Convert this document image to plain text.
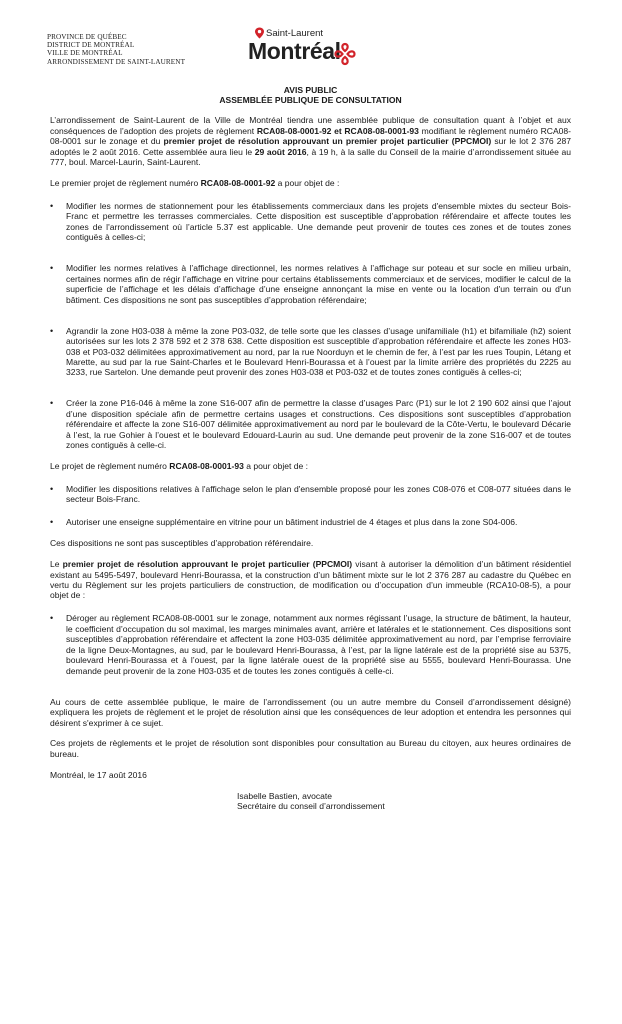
PROVINCE DE QUÉBEC
DISTRICT DE MONTRÉAL
VILLE DE MONTRÉAL
ARRONDISSEMENT DE SAINT-LAURENT
Saint-Laurent
Montréal
AVIS PUBLIC
ASSEMBLÉE PUBLIQUE DE CONSULTATION

L’arrondissement de Saint-Laurent de la Ville de Montréal tiendra une assemblée publique de consultation quant à l’objet et aux conséquences de l’adoption des projets de règlement RCA08-08-0001-92 et RCA08-08-0001-93 modifiant le règlement numéro RCA08-08-0001 sur le zonage et du premier projet de résolution approuvant un premier projet particulier (PPCMOI) sur le lot 2 376 287 adoptés le 2 août 2016. Cette assemblée aura lieu le 29 août 2016, à 19 h, à la salle du Conseil de la mairie d’arrondissement située au 777, boul. Marcel-Laurin, Saint-Laurent.

Le premier projet de règlement numéro RCA08-08-0001-92 a pour objet de :

• Modifier les normes de stationnement pour les établissements commerciaux dans les projets d'ensemble mixtes du secteur Bois-Franc et permettre les terrasses commerciales. Cette disposition est susceptible d’approbation référendaire et affecte toutes les zones de l'arrondissement où l’article 5.37 est applicable. Une demande peut provenir de toutes ces zones et de toutes zones contiguës à celles-ci;
• Modifier les normes relatives à l’affichage directionnel, les normes relatives à l’affichage sur poteau et sur socle en milieu urbain, certaines normes afin de régir l’affichage en vitrine pour certains établissements commerciaux et de services, modifier le calcul de la superficie de l’affichage et les délais d’affichage d’une enseigne annonçant la mise en vente ou la location d'un terrain ou d'un bâtiment. Ces dispositions ne sont pas susceptibles d’approbation référendaire;
• Agrandir la zone H03-038 à même la zone P03-032, de telle sorte que les classes d’usage unifamiliale (h1) et bifamiliale (h2) soient autorisées sur les lots 2 378 592 et 2 378 638. Cette disposition est susceptible d’approbation référendaire et affecte les zones H03-038 et P03-032 délimitées approximativement au nord, par la rue Noorduyn et le chemin de fer, à l’est par les rues Toupin, Létang et Marette, au sud par la rue Saint-Charles et le Boulevard Henri-Bourassa et à l’ouest par la limite arrière des propriétés du 2225 au 3233, rue Sartelon. Une demande peut provenir des zones H03-038 et P03-032 et de toutes zones contiguës à celles-ci;
• Créer la zone P16-046 à même la zone S16-007 afin de permettre la classe d’usages Parc (P1) sur le lot 2 190 602 ainsi que l’ajout d’une disposition spéciale afin de permettre certains usages et constructions. Ces dispositions sont susceptibles d’approbation référendaire et affecte la zone S16-007 délimitée approximativement au nord par le boulevard de la Côte-Vertu, le boulevard Décarie à l’est, la rue Gohier à l’ouest et le boulevard Edouard-Laurin au sud. Une demande peut provenir de la zone S16-007 et de toutes zones contiguës à celle-ci.

Le projet de règlement numéro RCA08-08-0001-93 a pour objet de :

• Modifier les dispositions relatives à l'affichage selon le plan d'ensemble proposé pour les zones C08-076 et C08-077 situées dans le secteur Bois-Franc.
• Autoriser une enseigne supplémentaire en vitrine pour un bâtiment industriel de 4 étages et plus dans la zone S04-006.

Ces dispositions ne sont pas susceptibles d’approbation référendaire.

Le premier projet de résolution approuvant le projet particulier (PPCMOI) visant à autoriser la démolition d’un bâtiment résidentiel existant au 5495-5497, boulevard Henri-Bourassa, et la construction d’un bâtiment mixte sur le lot 2 376 287 au cadastre du Québec en vertu du Règlement sur les projets particuliers de construction, de modification ou d’occupation d’un immeuble (RCA10-08-5), a pour objet de :

• Déroger au règlement RCA08-08-0001 sur le zonage, notamment aux normes régissant l’usage, la structure de bâtiment, la hauteur, le coefficient d’occupation du sol maximal, les marges minimales avant, arrière et latérales et le stationnement. Ces dispositions sont susceptibles d’approbation référendaire et affectent la zone H03-035 délimitée approximativement au nord, par l’emprise ferroviaire de la ligne Deux-Montagnes, au sud, par le boulevard Henri-Bourassa, à l’est, par la ligne latérale est de la propriété sise au 5375, boulevard Henri-Bourassa et à l’ouest, par la ligne latérale ouest de la propriété sise au 5555, boulevard Henri-Bourassa. Une demande peut provenir de la zone H03-035 et de toutes les zones contiguës à celle-ci.

Au cours de cette assemblée publique, le maire de l’arrondissement (ou un autre membre du Conseil d’arrondissement désigné) expliquera les projets de règlement et le projet de résolution ainsi que les conséquences de leur adoption et entendra les personnes qui désirent s'exprimer à ce sujet.

Ces projets de règlements et le projet de résolution sont disponibles pour consultation au Bureau du citoyen, aux heures ordinaires de bureau.

Montréal, le 17 août 2016

Isabelle Bastien, avocate
Secrétaire du conseil d’arrondissement
